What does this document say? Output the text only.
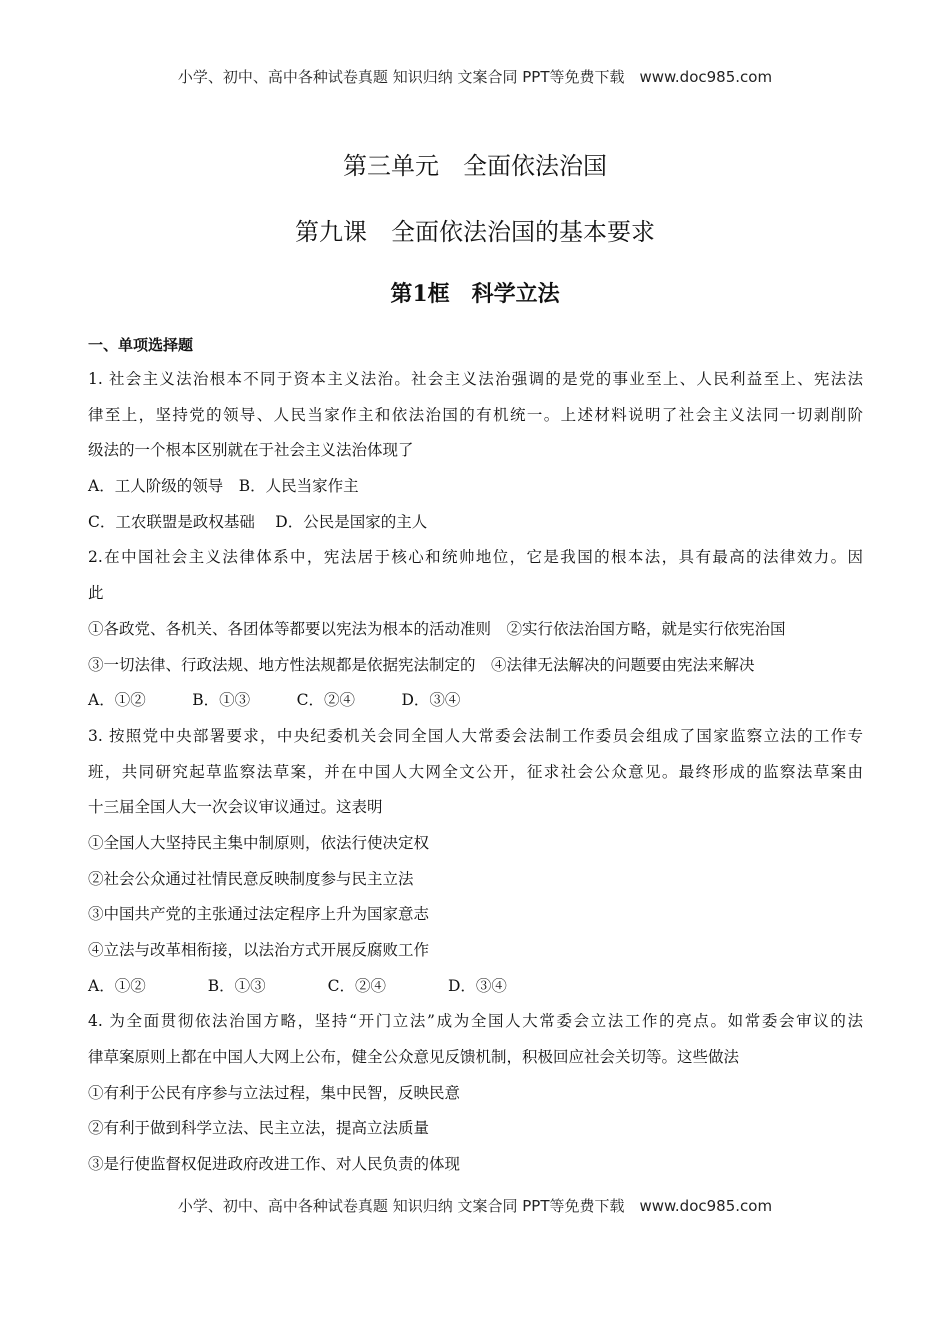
小学、初中、高中各种试卷真题 知识归纳 文案合同 PPT等免费下载　www.doc985.com
第三单元　全面依法治国
第九课　全面依法治国的基本要求
第1框　科学立法
一、单项选择题
1. 社会主义法治根本不同于资本主义法治。社会主义法治强调的是党的事业至上、人民利益至上、宪法法
律至上，坚持党的领导、人民当家作主和依法治国的有机统一。上述材料说明了社会主义法同一切剥削阶
级法的一个根本区别就在于社会主义法治体现了
A．工人阶级的领导　B．人民当家作主
C．工农联盟是政权基础　 D．公民是国家的主人
2.在中国社会主义法律体系中，宪法居于核心和统帅地位，它是我国的根本法，具有最高的法律效力。因
此
①各政党、各机关、各团体等都要以宪法为根本的活动准则　②实行依法治国方略，就是实行依宪治国
③一切法律、行政法规、地方性法规都是依据宪法制定的　④法律无法解决的问题要由宪法来解决
A．①②　　　B．①③　　　C．②④　　　D．③④
3. 按照党中央部署要求，中央纪委机关会同全国人大常委会法制工作委员会组成了国家监察立法的工作专
班，共同研究起草监察法草案，并在中国人大网全文公开，征求社会公众意见。最终形成的监察法草案由
十三届全国人大一次会议审议通过。这表明
①全国人大坚持民主集中制原则，依法行使决定权
②社会公众通过社情民意反映制度参与民主立法
③中国共产党的主张通过法定程序上升为国家意志
④立法与改革相衔接，以法治方式开展反腐败工作
A．①②　　　　B．①③　　　　C．②④　　　　D．③④
4. 为全面贯彻依法治国方略，坚持“开门立法”成为全国人大常委会立法工作的亮点。如常委会审议的法
律草案原则上都在中国人大网上公布，健全公众意见反馈机制，积极回应社会关切等。这些做法
①有利于公民有序参与立法过程，集中民智，反映民意
②有利于做到科学立法、民主立法，提高立法质量
③是行使监督权促进政府改进工作、对人民负责的体现
小学、初中、高中各种试卷真题 知识归纳 文案合同 PPT等免费下载　www.doc985.com
